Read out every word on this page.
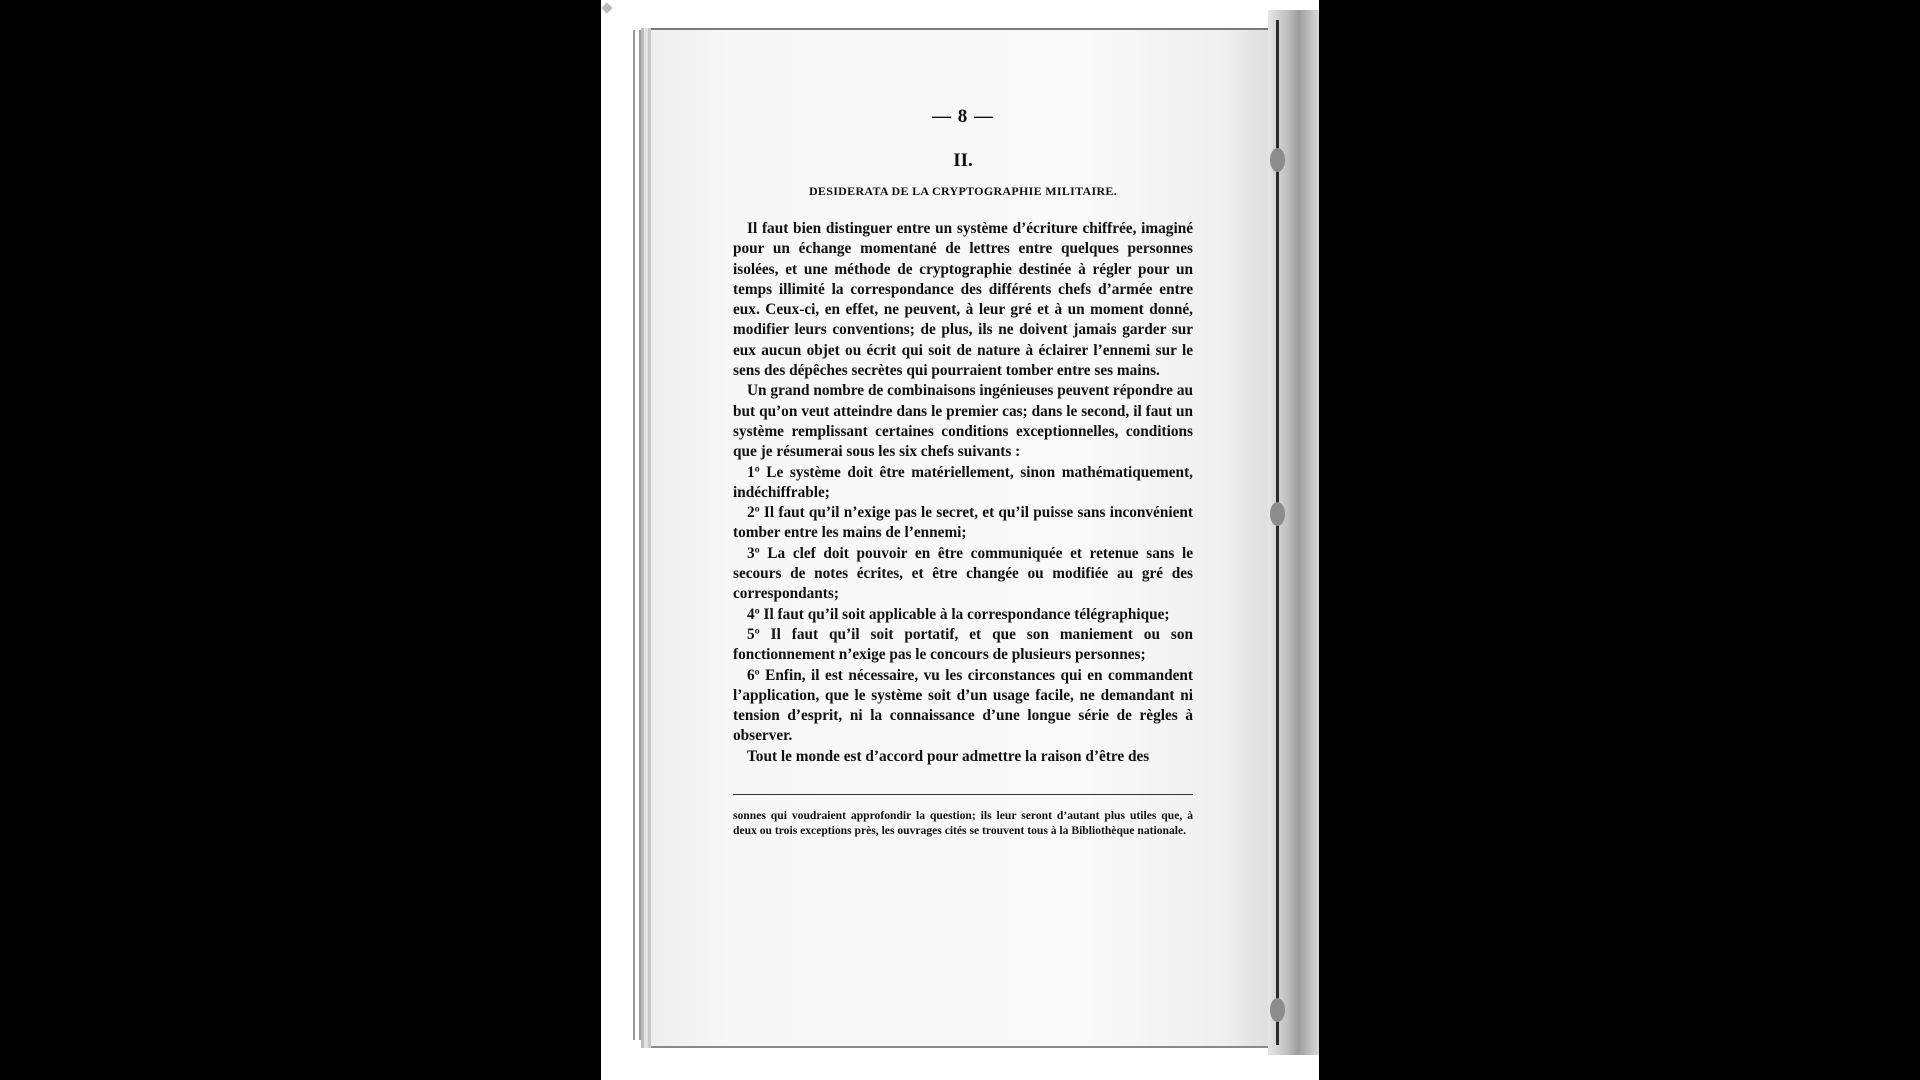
— 8 —
II.
DESIDERATA DE LA CRYPTOGRAPHIE MILITAIRE.

Il faut bien distinguer entre un système d’écriture chiffrée, imaginé pour un échange momentané de lettres entre quelques personnes isolées, et une méthode de cryptographie destinée à régler pour un temps illimité la correspondance des différents chefs d’armée entre eux. Ceux-ci, en effet, ne peuvent, à leur gré et à un moment donné, modifier leurs conventions; de plus, ils ne doivent jamais garder sur eux aucun objet ou écrit qui soit de nature à éclairer l’ennemi sur le sens des dépêches secrètes qui pourraient tomber entre ses mains.

Un grand nombre de combinaisons ingénieuses peuvent répondre au but qu’on veut atteindre dans le premier cas; dans le second, il faut un système remplissant certaines conditions exceptionnelles, conditions que je résumerai sous les six chefs suivants :

1º Le système doit être matériellement, sinon mathématiquement, indéchiffrable;

2º Il faut qu’il n’exige pas le secret, et qu’il puisse sans inconvénient tomber entre les mains de l’ennemi;

3º La clef doit pouvoir en être communiquée et retenue sans le secours de notes écrites, et être changée ou modifiée au gré des correspondants;

4º Il faut qu’il soit applicable à la correspondance télégraphique;

5º Il faut qu’il soit portatif, et que son maniement ou son fonctionnement n’exige pas le concours de plusieurs personnes;

6º Enfin, il est nécessaire, vu les circonstances qui en commandent l’application, que le système soit d’un usage facile, ne demandant ni tension d’esprit, ni la connaissance d’une longue série de règles à observer.

Tout le monde est d’accord pour admettre la raison d’être des

sonnes qui voudraient approfondir la question; ils leur seront d’autant plus utiles que, à deux ou trois exceptions près, les ouvrages cités se trouvent tous à la Bibliothèque nationale.
